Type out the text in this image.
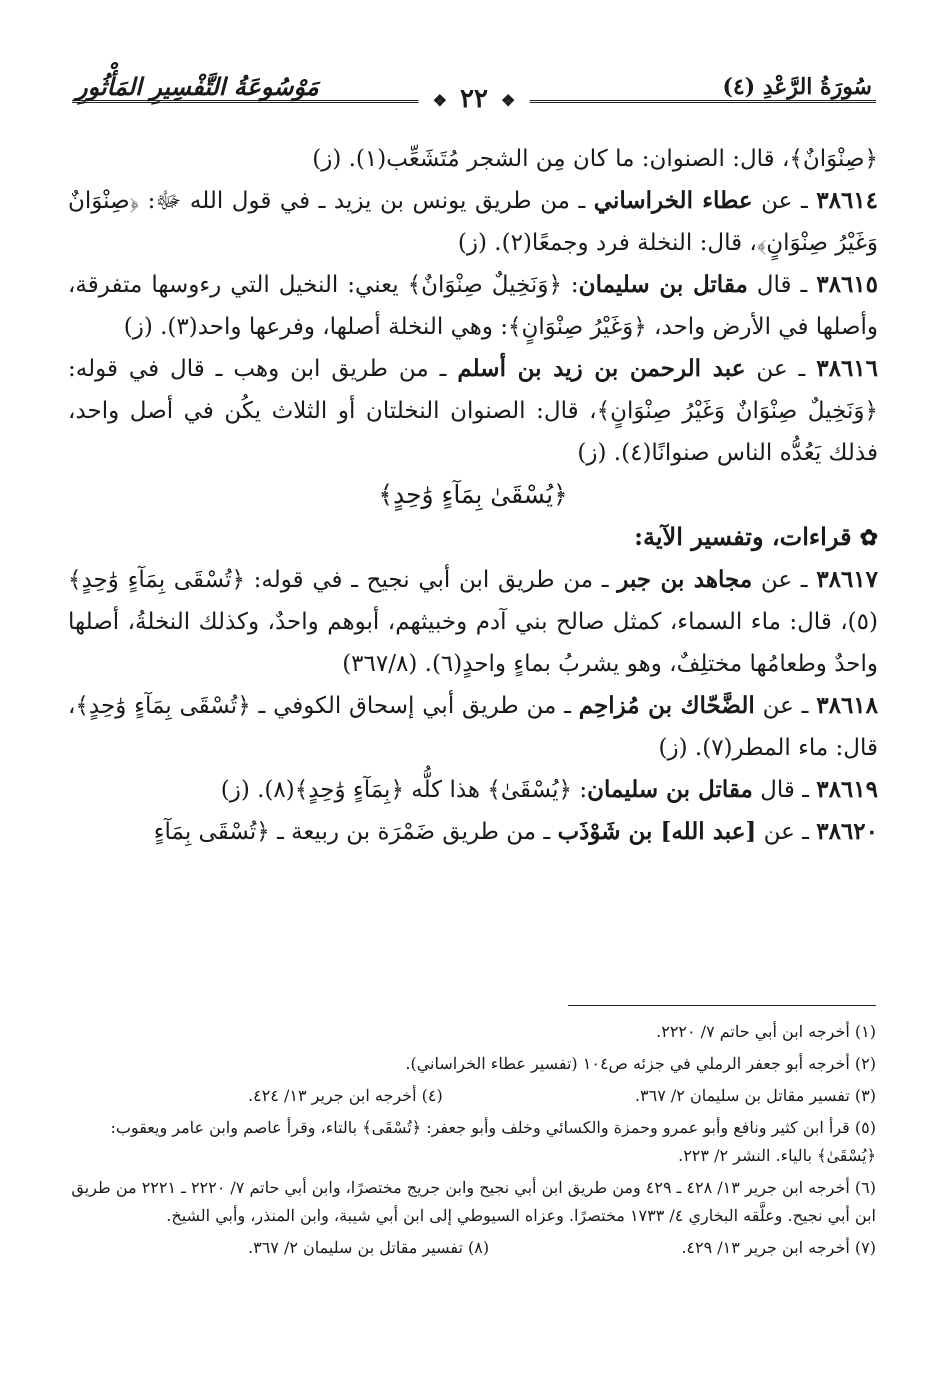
سُورَةُ الرَّعْدِ (٤)
❖ ٢٢ ❖
مَوْسُوعَةُ التَّفْسِيرِ المَأْثُورِ

﴿صِنْوَانٌ﴾، قال: الصنوان: ما كان مِن الشجر مُتَشَعِّب(١). (ز)

٣٨٦١٤ ـ عن عطاء الخراساني ـ من طريق يونس بن يزيد ـ في قول الله ﷻ: ﴿صِنْوَانٌ وَغَيْرُ صِنْوَانٍ﴾، قال: النخلة فرد وجمعًا(٢). (ز)

٣٨٦١٥ ـ قال مقاتل بن سليمان: ﴿وَنَخِيلٌ صِنْوَانٌ﴾ يعني: النخيل التي رءوسها متفرقة، وأصلها في الأرض واحد، ﴿وَغَيْرُ صِنْوَانٍ﴾: وهي النخلة أصلها، وفرعها واحد(٣). (ز)

٣٨٦١٦ ـ عن عبد الرحمن بن زيد بن أسلم ـ من طريق ابن وهب ـ قال في قوله: ﴿وَنَخِيلٌ صِنْوَانٌ وَغَيْرُ صِنْوَانٍ﴾، قال: الصنوان النخلتان أو الثلاث يكُن في أصل واحد، فذلك يَعُدُّه الناس صنوانًا(٤). (ز)

﴿يُسْقَىٰ بِمَآءٍ وَٰحِدٍ﴾

✿قراءات، وتفسير الآية:

٣٨٦١٧ ـ عن مجاهد بن جبر ـ من طريق ابن أبي نجيح ـ في قوله: ﴿تُسْقَى بِمَآءٍ وَٰحِدٍ﴾(٥)، قال: ماء السماء، كمثل صالح بني آدم وخبيثهم، أبوهم واحدٌ، وكذلك النخلةُ، أصلها واحدٌ وطعامُها مختلِفٌ، وهو يشربُ بماءٍ واحدٍ(٦). (٣٦٧/٨)

٣٨٦١٨ ـ عن الضَّحّاك بن مُزاحِم ـ من طريق أبي إسحاق الكوفي ـ ﴿تُسْقَى بِمَآءٍ وَٰحِدٍ﴾، قال: ماء المطر(٧). (ز)

٣٨٦١٩ ـ قال مقاتل بن سليمان: ﴿يُسْقَىٰ﴾ هذا كلُّه ﴿بِمَآءٍ وَٰحِدٍ﴾(٨). (ز)

٣٨٦٢٠ ـ عن [عبد الله] بن شَوْذَب ـ من طريق ضَمْرَة بن ربيعة ـ ﴿تُسْقَى بِمَآءٍ

(١) أخرجه ابن أبي حاتم ٧/ ٢٢٢٠.

(٢) أخرجه أبو جعفر الرملي في جزئه ص١٠٤ (تفسير عطاء الخراساني).

(٣) تفسير مقاتل بن سليمان ٢/ ٣٦٧.
(٤) أخرجه ابن جرير ١٣/ ٤٢٤.

(٥) قرأ ابن كثير ونافع وأبو عمرو وحمزة والكسائي وخلف وأبو جعفر: ﴿تُسْقَى﴾ بالتاء، وقرأ عاصم وابن عامر ويعقوب: ﴿يُسْقَىٰ﴾ بالياء. النشر ٢/ ٢٢٣.

(٦) أخرجه ابن جرير ١٣/ ٤٢٨ ـ ٤٢٩ ومن طريق ابن أبي نجيح وابن جريج مختصرًا، وابن أبي حاتم ٧/ ٢٢٢٠ ـ ٢٢٢١ من طريق ابن أبي نجيح. وعلَّقه البخاري ٤/ ١٧٣٣ مختصرًا. وعزاه السيوطي إلى ابن أبي شيبة، وابن المنذر، وأبي الشيخ.

(٧) أخرجه ابن جرير ١٣/ ٤٢٩.
(٨) تفسير مقاتل بن سليمان ٢/ ٣٦٧.
